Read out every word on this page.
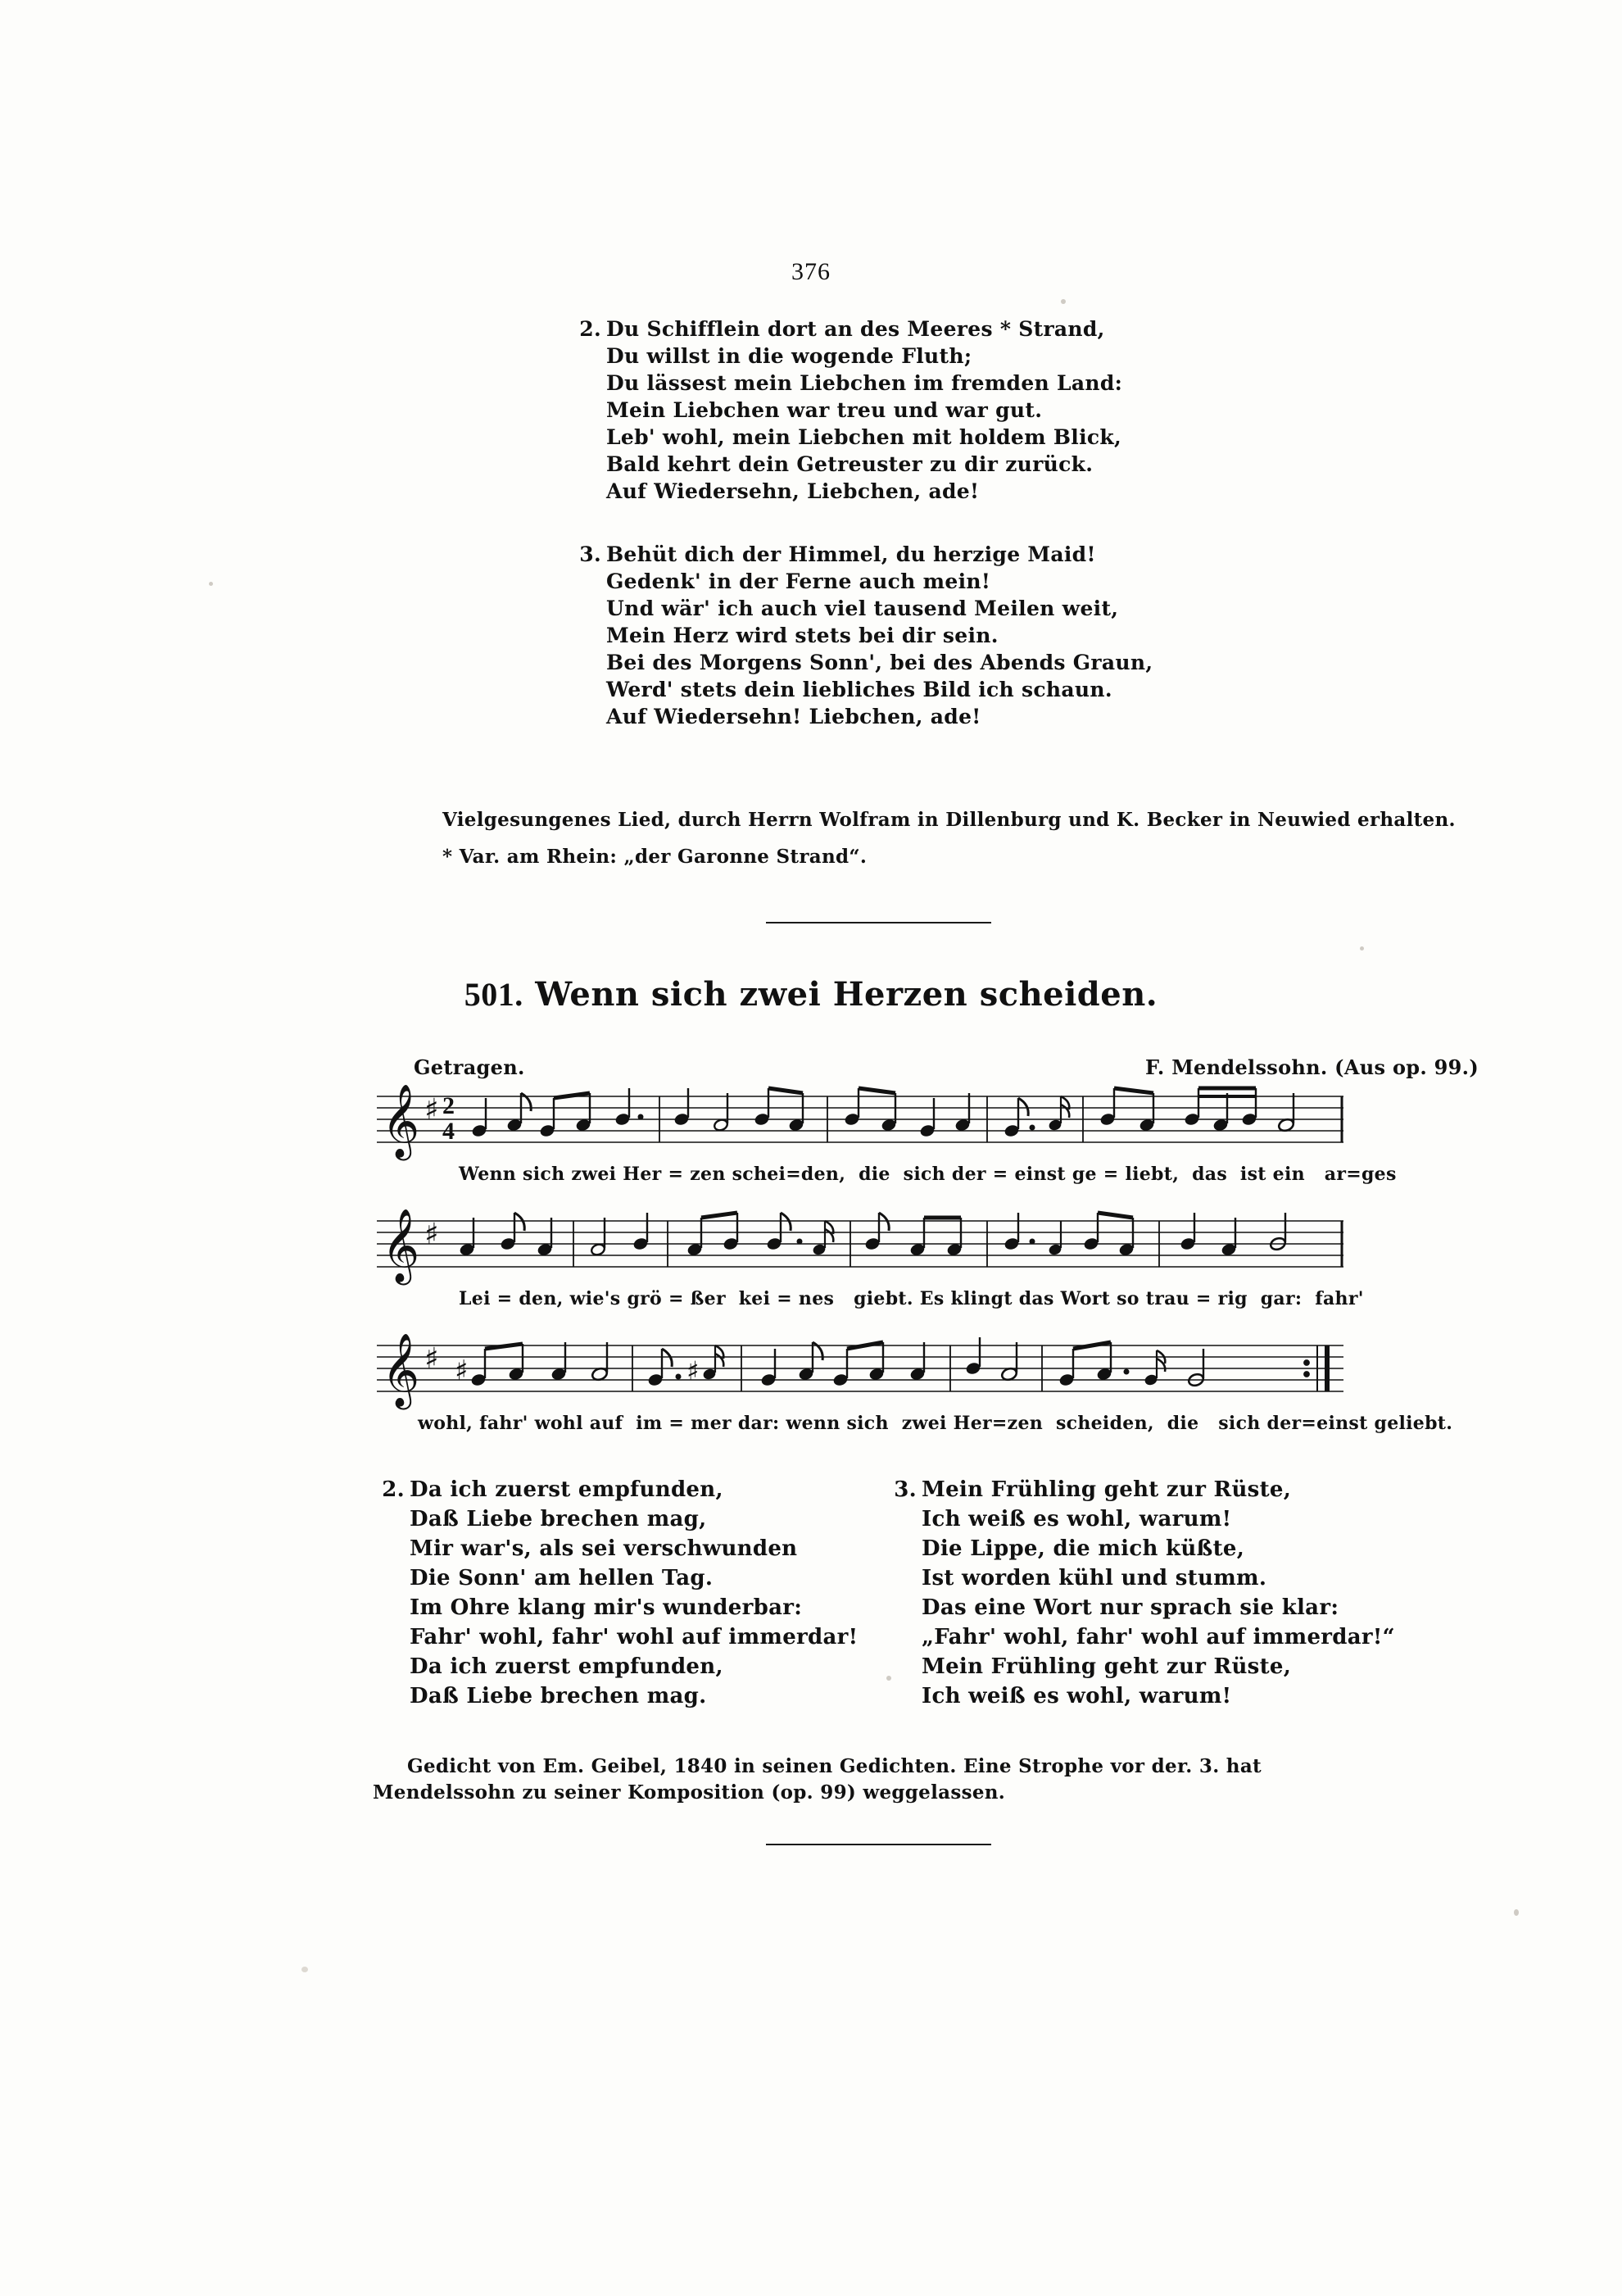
376
2. Du Schifflein dort an des Meeres * Strand,
Du willst in die wogende Fluth;
Du lässest mein Liebchen im fremden Land:
Mein Liebchen war treu und war gut.
Leb' wohl, mein Liebchen mit holdem Blick,
Bald kehrt dein Getreuster zu dir zurück.
Auf Wiedersehn, Liebchen, ade!
3. Behüt dich der Himmel, du herzige Maid!
Gedenk' in der Ferne auch mein!
Und wär' ich auch viel tausend Meilen weit,
Mein Herz wird stets bei dir sein.
Bei des Morgens Sonn', bei des Abends Graun,
Werd' stets dein liebliches Bild ich schaun.
Auf Wiedersehn! Liebchen, ade!
Vielgesungenes Lied, durch Herrn Wolfram in Dillenburg und K. Becker in Neuwied erhalten.
* Var. am Rhein: „der Garonne Strand“.
501. Wenn sich zwei Herzen scheiden.
Getragen.	F. Mendelssohn. (Aus op. 99.)
𝄞 ♯ 2
4
Wenn sich zwei Her = zen schei=den,  die  sich der = einst ge = liebt,  das  ist ein   ar=ges
𝄞 ♯
Lei = den, wie's grö = ßer  kei = nes   giebt. Es klingt das Wort so trau = rig  gar:  fahr'
𝄞 ♯ ♯	♯
wohl, fahr' wohl auf  im = mer dar: wenn sich  zwei Her=zen  scheiden,  die   sich der=einst geliebt.
2. Da ich zuerst empfunden,
Daß Liebe brechen mag,
Mir war's, als sei verschwunden
Die Sonn' am hellen Tag.
Im Ohre klang mir's wunderbar:
Fahr' wohl, fahr' wohl auf immerdar!
Da ich zuerst empfunden,
Daß Liebe brechen mag.
3. Mein Frühling geht zur Rüste,
Ich weiß es wohl, warum!
Die Lippe, die mich küßte,
Ist worden kühl und stumm.
Das eine Wort nur sprach sie klar:
„Fahr' wohl, fahr' wohl auf immerdar!“
Mein Frühling geht zur Rüste,
Ich weiß es wohl, warum!
Gedicht von Em. Geibel, 1840 in seinen Gedichten. Eine Strophe vor der. 3. hat
Mendelssohn zu seiner Komposition (op. 99) weggelassen.
